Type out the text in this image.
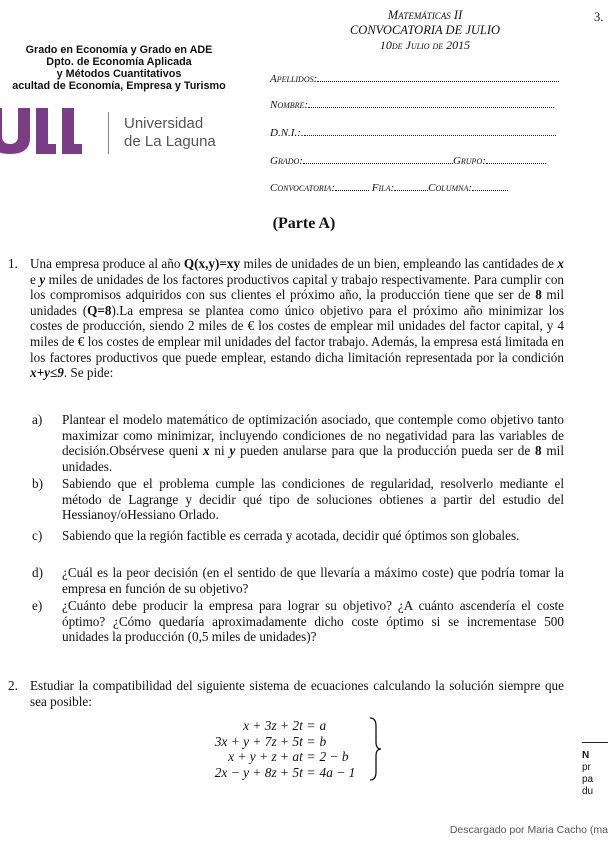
Matemáticas II
CONVOCATORIA DE JULIO
10de Julio de 2015
3.
Grado en Economía y Grado en ADE
Dpto. de Economía Aplicada
y Métodos Cuantitativos
acultad de Economía, Empresa y Turismo
Universidad
de La Laguna
Apellidos:
Nombre:
D.N.I.:.
Grado:	Grupo:
Convocatoria:	Fila:	Columna:
(Parte A)
1. Una empresa produce al año Q(x,y)=xy miles de unidades de un bien, empleando las cantidades de x e y miles de unidades de los factores productivos capital y trabajo respectivamente. Para cumplir con los compromisos adquiridos con sus clientes el próximo año, la producción tiene que ser de 8 mil unidades (Q=8).La empresa se plantea como único objetivo para el próximo año minimizar los costes de producción, siendo 2 miles de € los costes de emplear mil unidades del factor capital, y 4 miles de € los costes de emplear mil unidades del factor trabajo. Además, la empresa está limitada en los factores productivos que puede emplear, estando dicha limitación representada por la condición x+y≤9. Se pide:
a) Plantear el modelo matemático de optimización asociado, que contemple como objetivo tanto maximizar como minimizar, incluyendo condiciones de no negatividad para las variables de decisión.Obsérvese queni x ni y pueden anularse para que la producción pueda ser de 8 mil unidades.
b) Sabiendo que el problema cumple las condiciones de regularidad, resolverlo mediante el método de Lagrange y decidir qué tipo de soluciones obtienes a partir del estudio del Hessianoy/oHessiano Orlado.
c) Sabiendo que la región factible es cerrada y acotada, decidir qué óptimos son globales.
d) ¿Cuál es la peor decisión (en el sentido de que llevaría a máximo coste) que podría tomar la empresa en función de su objetivo?
e) ¿Cuánto debe producir la empresa para lograr su objetivo? ¿A cuánto ascendería el coste óptimo? ¿Cómo quedaría aproximadamente dicho coste óptimo si se incrementase 500 unidades la producción (0,5 miles de unidades)?
2. Estudiar la compatibilidad del siguiente sistema de ecuaciones calculando la solución siempre que sea posible:
x + 3z + 2t = a
3x + y + 7z + 5t = b
x + y + z + at = 2 − b
2x − y + 8z + 5t = 4a − 1
N
pr
pa
du
Descargado por Maria Cacho (ma
